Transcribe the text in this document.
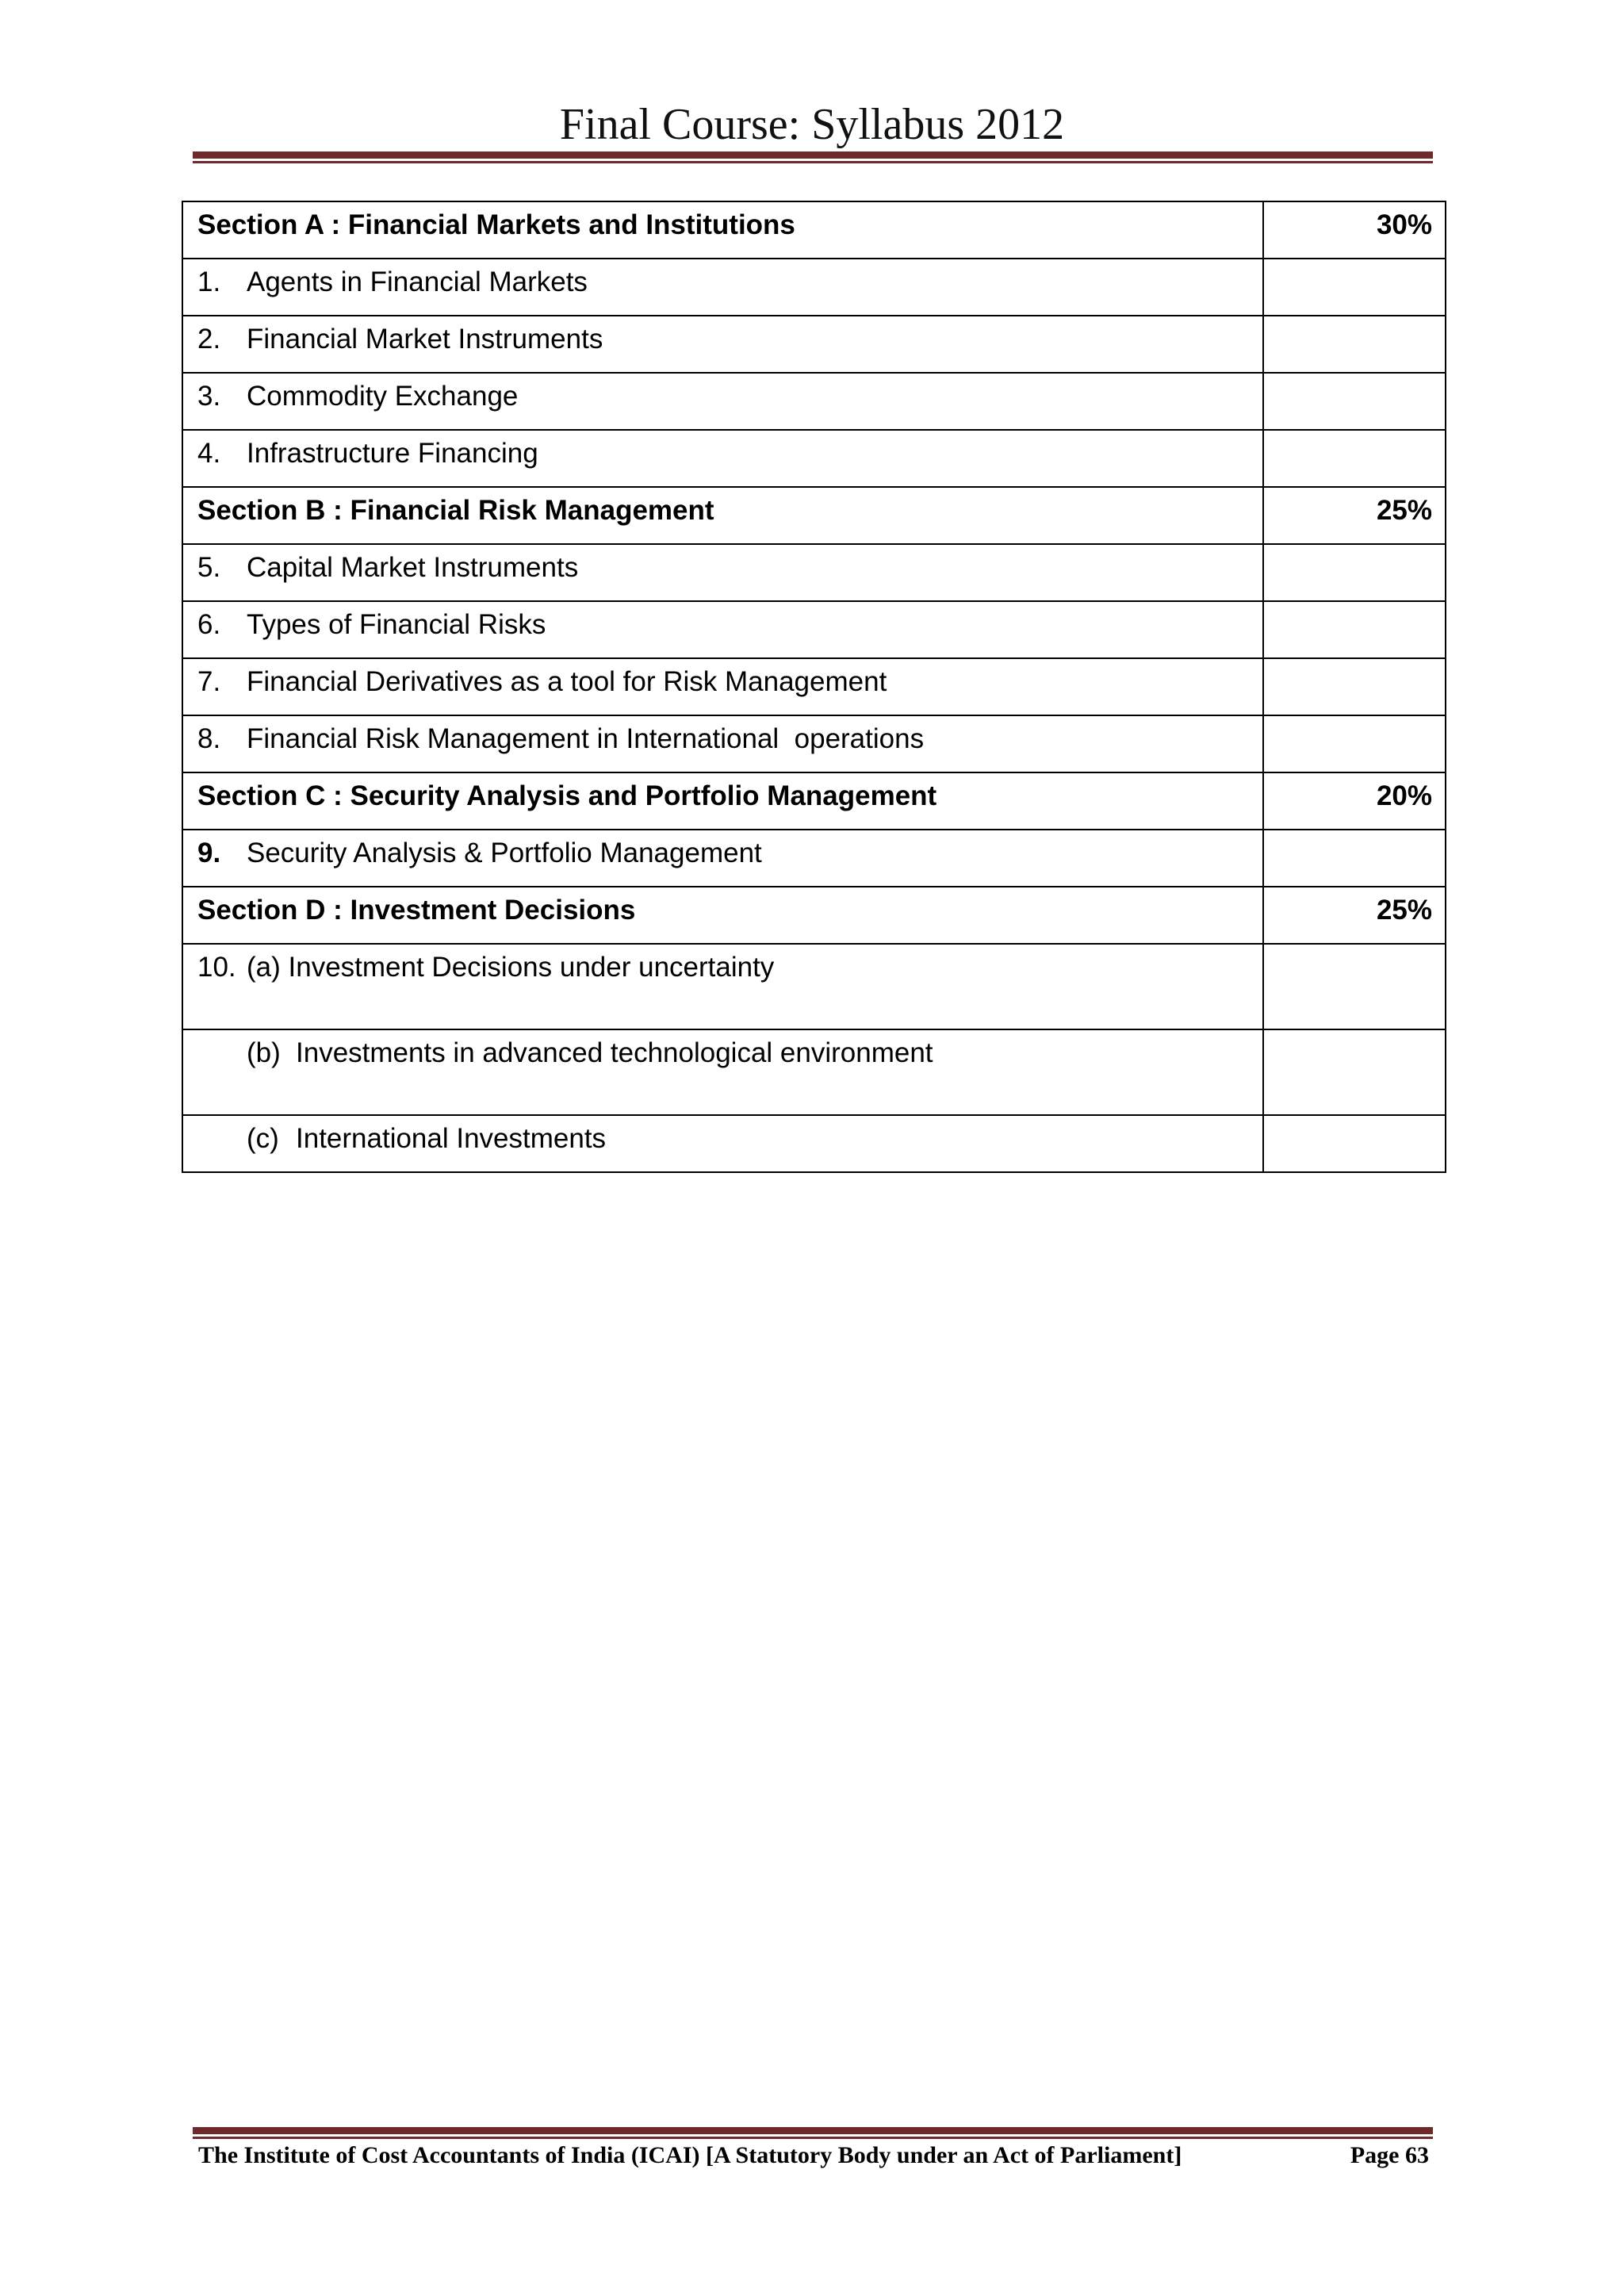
Final Course: Syllabus 2012
Section A : Financial Markets and Institutions	30%
1. Agents in Financial Markets	
2. Financial Market Instruments	
3. Commodity Exchange	
4. Infrastructure Financing	
Section B : Financial Risk Management	25%
5. Capital Market Instruments	
6. Types of Financial Risks	
7. Financial Derivatives as a tool for Risk Management	
8. Financial Risk Management in International  operations	
Section C : Security Analysis and Portfolio Management	20%
9. Security Analysis & Portfolio Management	
Section D : Investment Decisions	25%
10. (a) Investment Decisions under uncertainty	

(b) Investments in advanced technological environment	

(c) International Investments	

The Institute of Cost Accountants of India (ICAI) [A Statutory Body under an Act of Parliament]	Page 63
